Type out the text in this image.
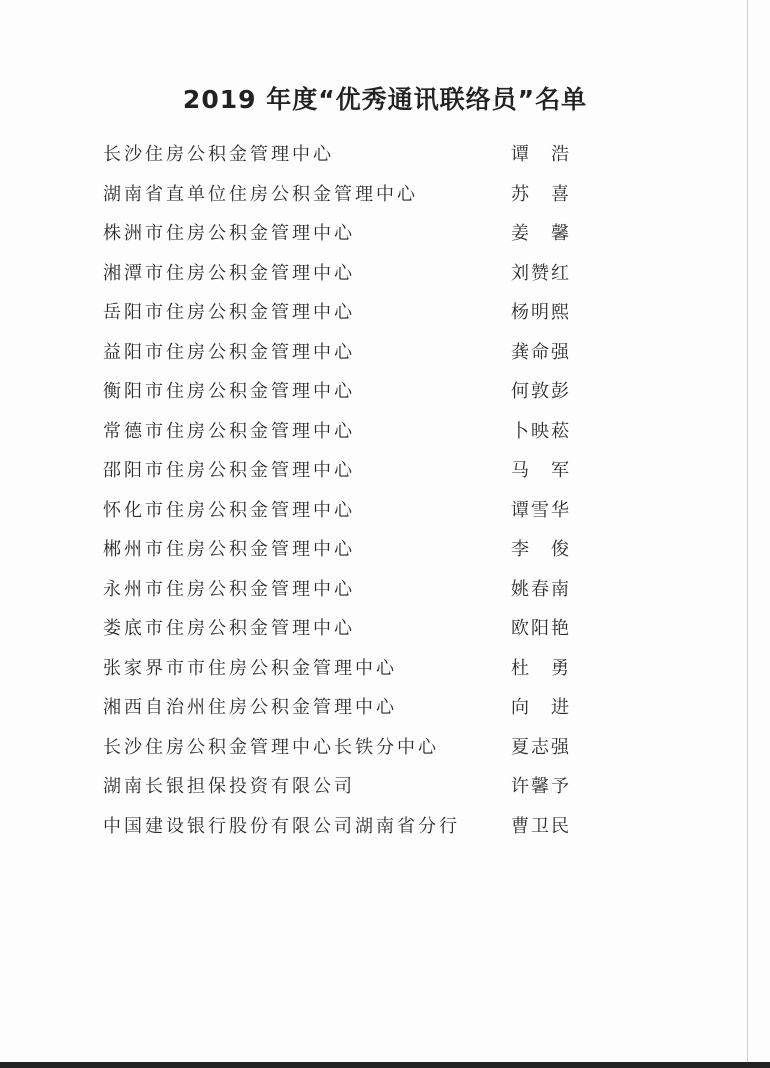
2019 年度“优秀通讯联络员”名单
长沙住房公积金管理中心	谭浩
湖南省直单位住房公积金管理中心	苏喜
株洲市住房公积金管理中心	姜馨
湘潭市住房公积金管理中心	刘赞红
岳阳市住房公积金管理中心	杨明熙
益阳市住房公积金管理中心	龚命强
衡阳市住房公积金管理中心	何敦彭
常德市住房公积金管理中心	卜映菘
邵阳市住房公积金管理中心	马军
怀化市住房公积金管理中心	谭雪华
郴州市住房公积金管理中心	李俊
永州市住房公积金管理中心	姚春南
娄底市住房公积金管理中心	欧阳艳
张家界市市住房公积金管理中心	杜勇
湘西自治州住房公积金管理中心	向进
长沙住房公积金管理中心长铁分中心	夏志强
湖南长银担保投资有限公司	许馨予
中国建设银行股份有限公司湖南省分行	曹卫民
